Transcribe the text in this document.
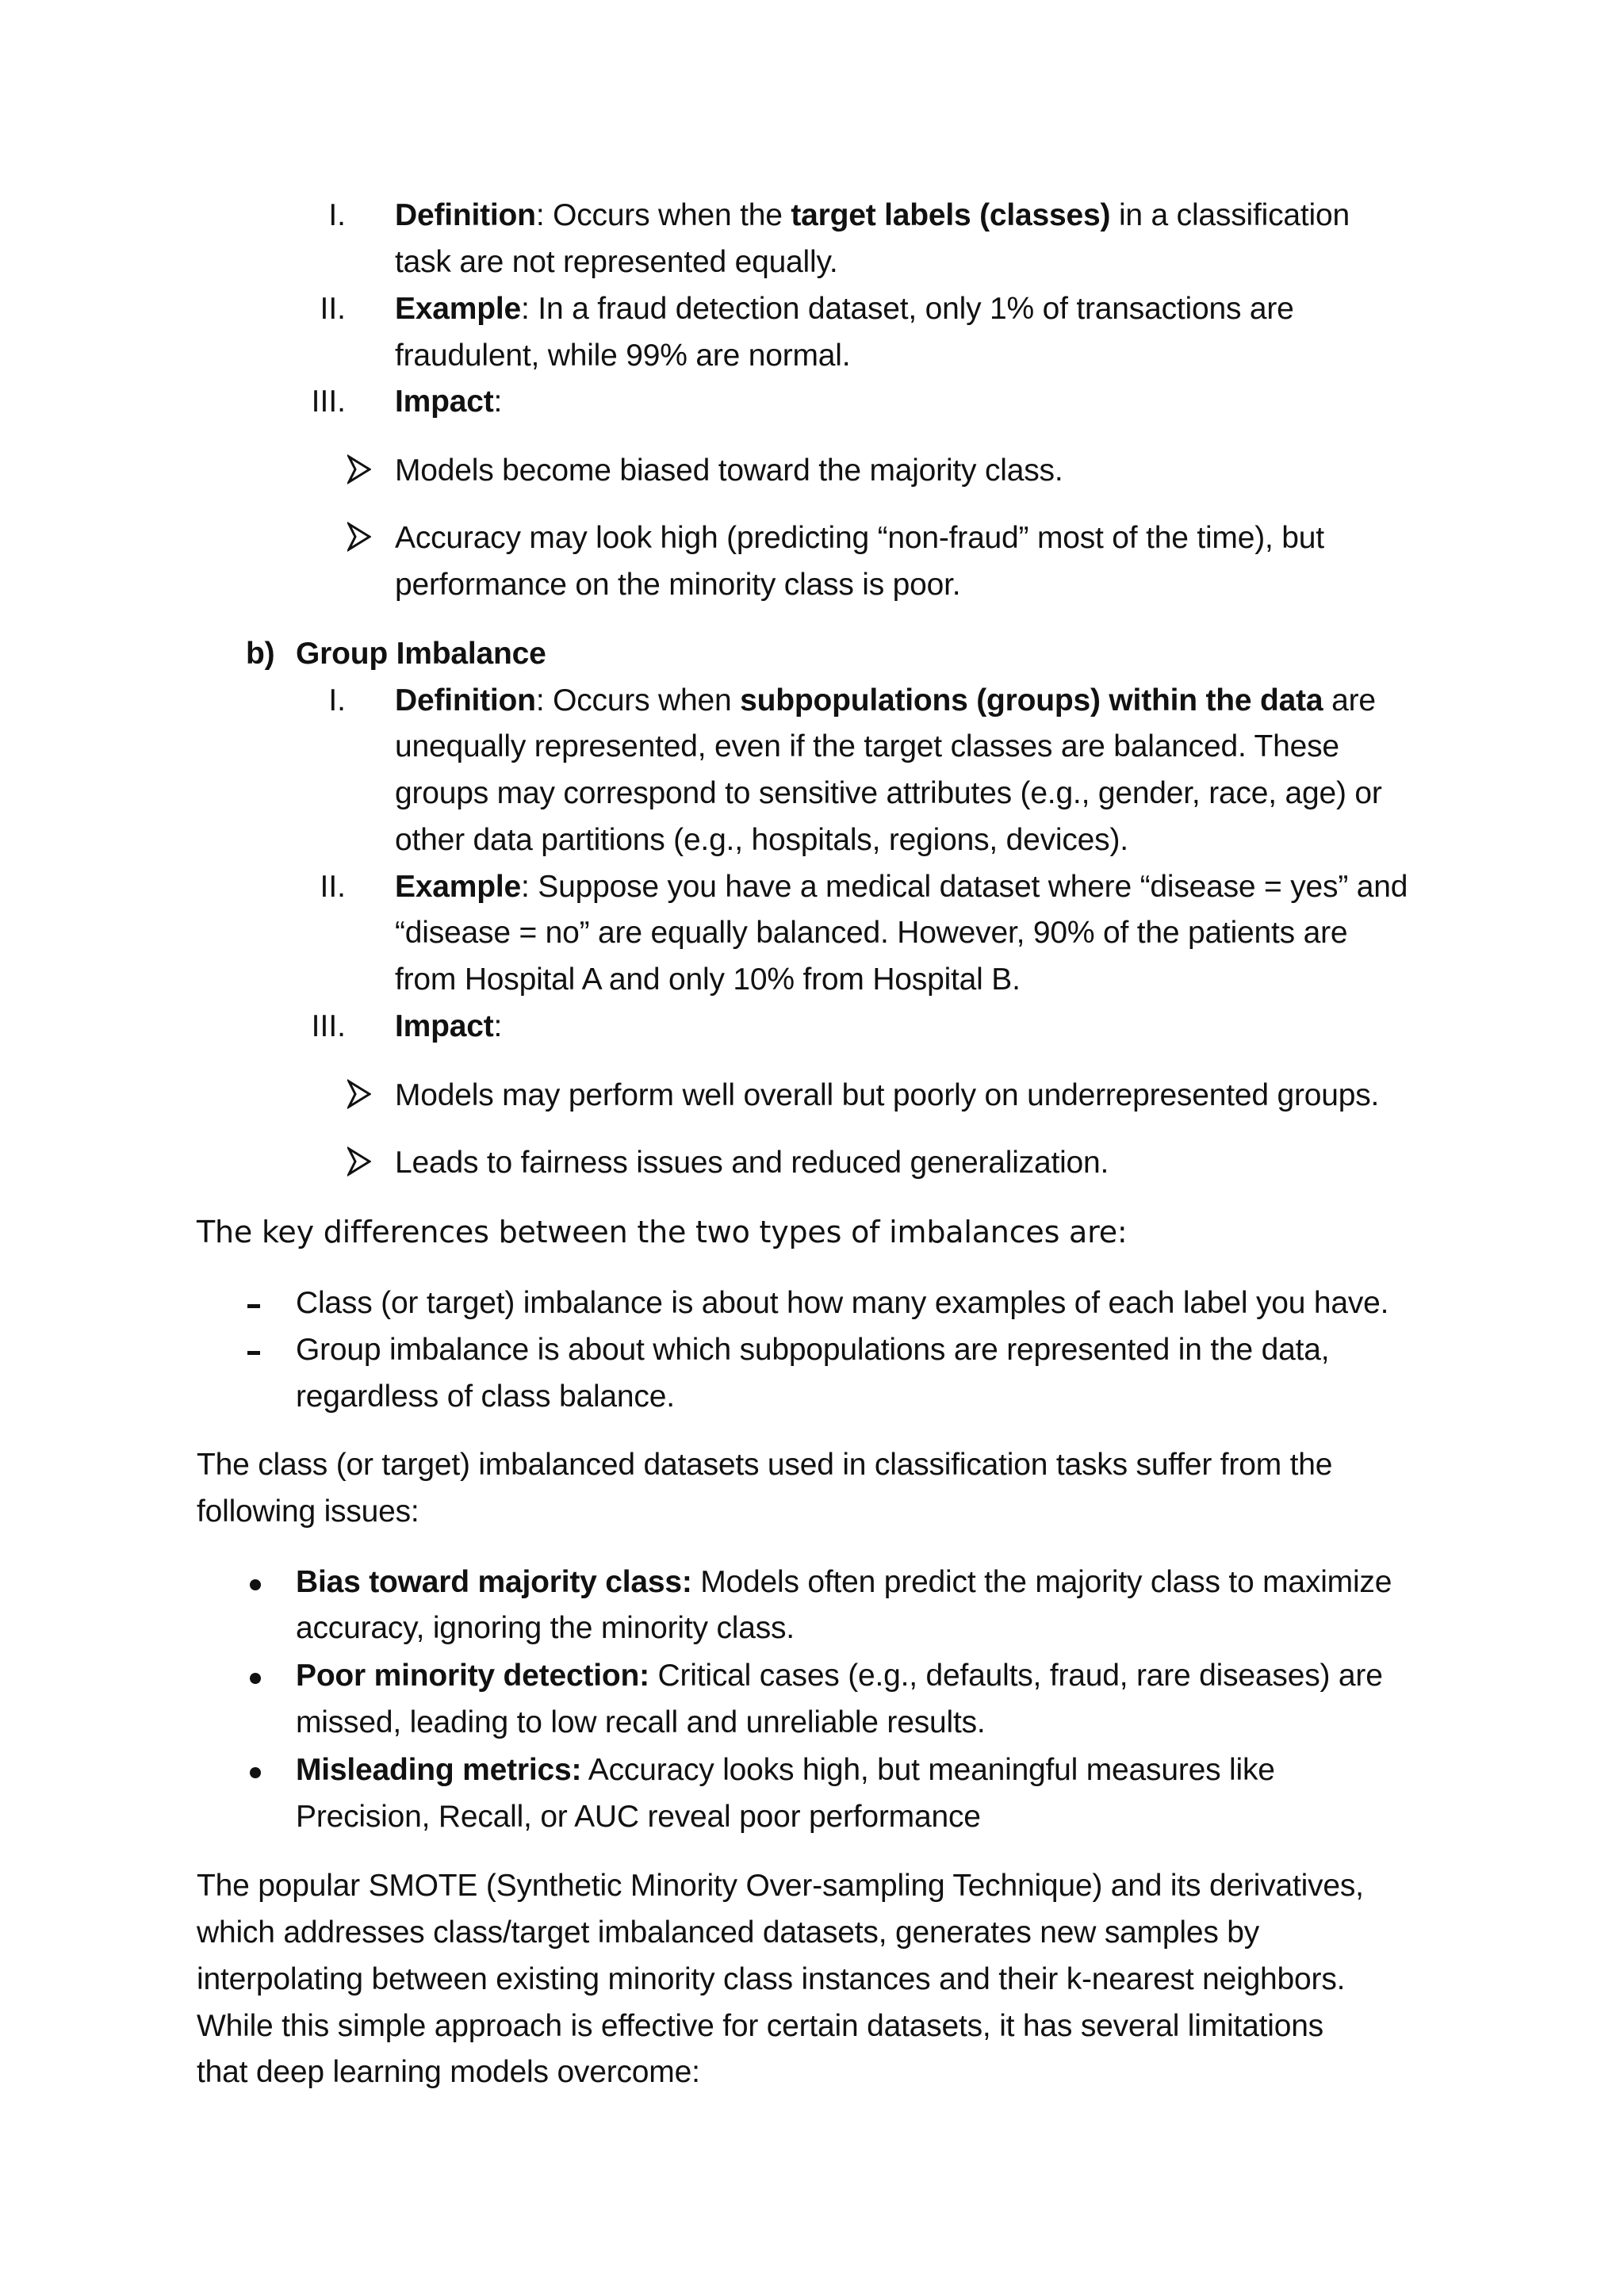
I. Definition: Occurs when the target labels (classes) in a classification
task are not represented equally.
II. Example: In a fraud detection dataset, only 1% of transactions are
fraudulent, while 99% are normal.
III. Impact:
Models become biased toward the majority class.
Accuracy may look high (predicting “non-fraud” most of the time), but
performance on the minority class is poor.
b) Group Imbalance
I. Definition: Occurs when subpopulations (groups) within the data are
unequally represented, even if the target classes are balanced. These
groups may correspond to sensitive attributes (e.g., gender, race, age) or
other data partitions (e.g., hospitals, regions, devices).
II. Example: Suppose you have a medical dataset where “disease = yes” and
“disease = no” are equally balanced. However, 90% of the patients are
from Hospital A and only 10% from Hospital B.
III. Impact:
Models may perform well overall but poorly on underrepresented groups.
Leads to fairness issues and reduced generalization.
The key differences between the two types of imbalances are:
Class (or target) imbalance is about how many examples of each label you have.
Group imbalance is about which subpopulations are represented in the data,
regardless of class balance.
The class (or target) imbalanced datasets used in classification tasks suffer from the
following issues:
Bias toward majority class: Models often predict the majority class to maximize
accuracy, ignoring the minority class.
Poor minority detection: Critical cases (e.g., defaults, fraud, rare diseases) are
missed, leading to low recall and unreliable results.
Misleading metrics: Accuracy looks high, but meaningful measures like
Precision, Recall, or AUC reveal poor performance
The popular SMOTE (Synthetic Minority Over-sampling Technique) and its derivatives,
which addresses class/target imbalanced datasets, generates new samples by
interpolating between existing minority class instances and their k-nearest neighbors.
While this simple approach is effective for certain datasets, it has several limitations
that deep learning models overcome:
